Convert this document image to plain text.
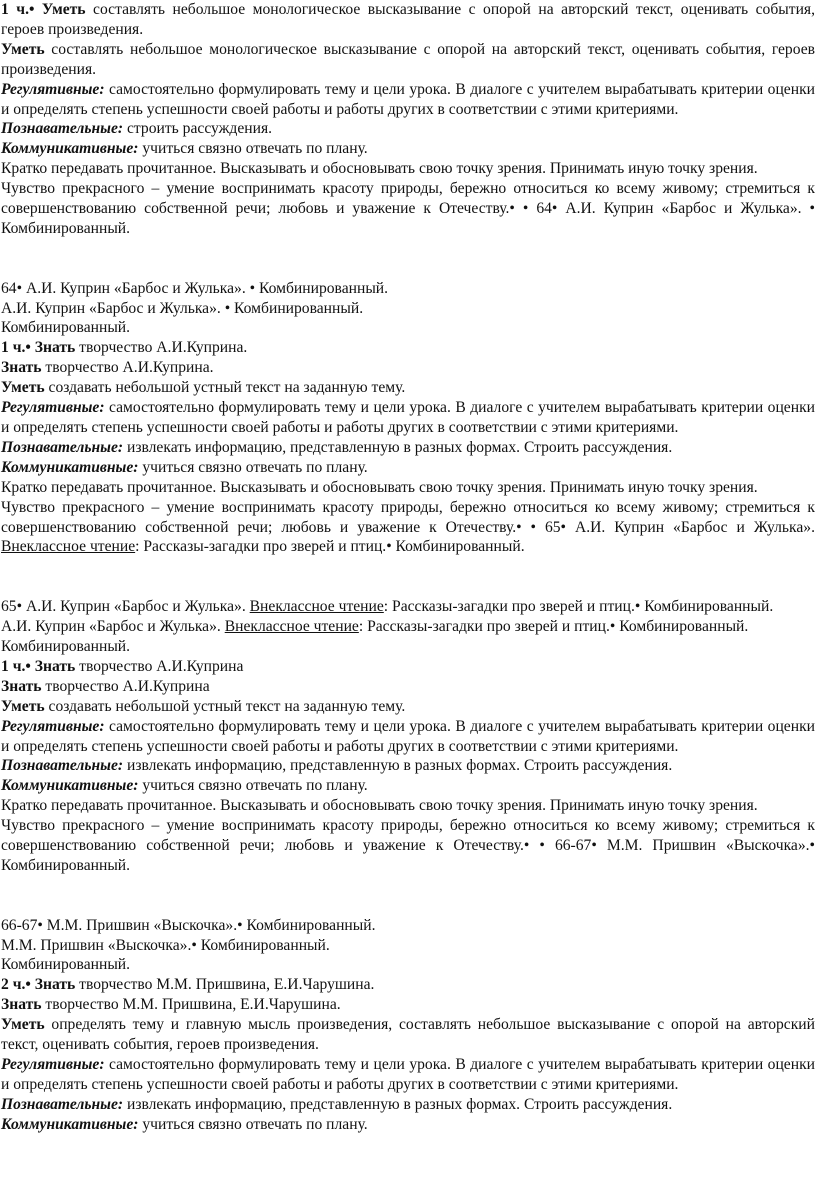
1 ч.• Уметь составлять небольшое монологическое высказывание с опорой на авторский текст, оценивать события, героев произведения.

Уметь составлять небольшое монологическое высказывание с опорой на авторский текст, оценивать события, героев произведения.

Регулятивные: самостоятельно формулировать тему и цели урока. В диалоге с учителем вырабатывать критерии оценки и определять степень успешности своей работы и работы других в соответствии с этими критериями.

Познавательные: строить рассуждения.

Коммуникативные: учиться связно отвечать по плану.

Кратко передавать прочитанное. Высказывать и обосновывать свою точку зрения. Принимать иную точку зрения.

Чувство прекрасного – умение воспринимать красоту природы, бережно относиться ко всему живому; стремиться к совершенствованию собственной речи; любовь и уважение к Отечеству.• • 64• А.И. Куприн «Барбос и Жулька». • Комбинированный.

64• А.И. Куприн «Барбос и Жулька». • Комбинированный.

А.И. Куприн «Барбос и Жулька». • Комбинированный.

Комбинированный.

1 ч.• Знать творчество А.И.Куприна.

Знать творчество А.И.Куприна.

Уметь создавать небольшой устный текст на заданную тему.

Регулятивные: самостоятельно формулировать тему и цели урока. В диалоге с учителем вырабатывать критерии оценки и определять степень успешности своей работы и работы других в соответствии с этими критериями.

Познавательные: извлекать информацию, представленную в разных формах. Строить рассуждения.

Коммуникативные: учиться связно отвечать по плану.

Кратко передавать прочитанное. Высказывать и обосновывать свою точку зрения. Принимать иную точку зрения.

Чувство прекрасного – умение воспринимать красоту природы, бережно относиться ко всему живому; стремиться к совершенствованию собственной речи; любовь и уважение к Отечеству.• • 65• А.И. Куприн «Барбос и Жулька». Внеклассное чтение: Рассказы-загадки про зверей и птиц.• Комбинированный.

65• А.И. Куприн «Барбос и Жулька». Внеклассное чтение: Рассказы-загадки про зверей и птиц.• Комбинированный.

А.И. Куприн «Барбос и Жулька». Внеклассное чтение: Рассказы-загадки про зверей и птиц.• Комбинированный.

Комбинированный.

1 ч.• Знать творчество А.И.Куприна

Знать творчество А.И.Куприна

Уметь создавать небольшой устный текст на заданную тему.

Регулятивные: самостоятельно формулировать тему и цели урока. В диалоге с учителем вырабатывать критерии оценки и определять степень успешности своей работы и работы других в соответствии с этими критериями.

Познавательные: извлекать информацию, представленную в разных формах. Строить рассуждения.

Коммуникативные: учиться связно отвечать по плану.

Кратко передавать прочитанное. Высказывать и обосновывать свою точку зрения. Принимать иную точку зрения.

Чувство прекрасного – умение воспринимать красоту природы, бережно относиться ко всему живому; стремиться к совершенствованию собственной речи; любовь и уважение к Отечеству.• • 66-67• М.М. Пришвин «Выскочка».• Комбинированный.

66-67• М.М. Пришвин «Выскочка».• Комбинированный.

М.М. Пришвин «Выскочка».• Комбинированный.

Комбинированный.

2 ч.• Знать творчество М.М. Пришвина, Е.И.Чарушина.

Знать творчество М.М. Пришвина, Е.И.Чарушина.

Уметь определять тему и главную мысль произведения, составлять небольшое высказывание с опорой на авторский текст, оценивать события, героев произведения.

Регулятивные: самостоятельно формулировать тему и цели урока. В диалоге с учителем вырабатывать критерии оценки и определять степень успешности своей работы и работы других в соответствии с этими критериями.

Познавательные: извлекать информацию, представленную в разных формах. Строить рассуждения.

Коммуникативные: учиться связно отвечать по плану.
